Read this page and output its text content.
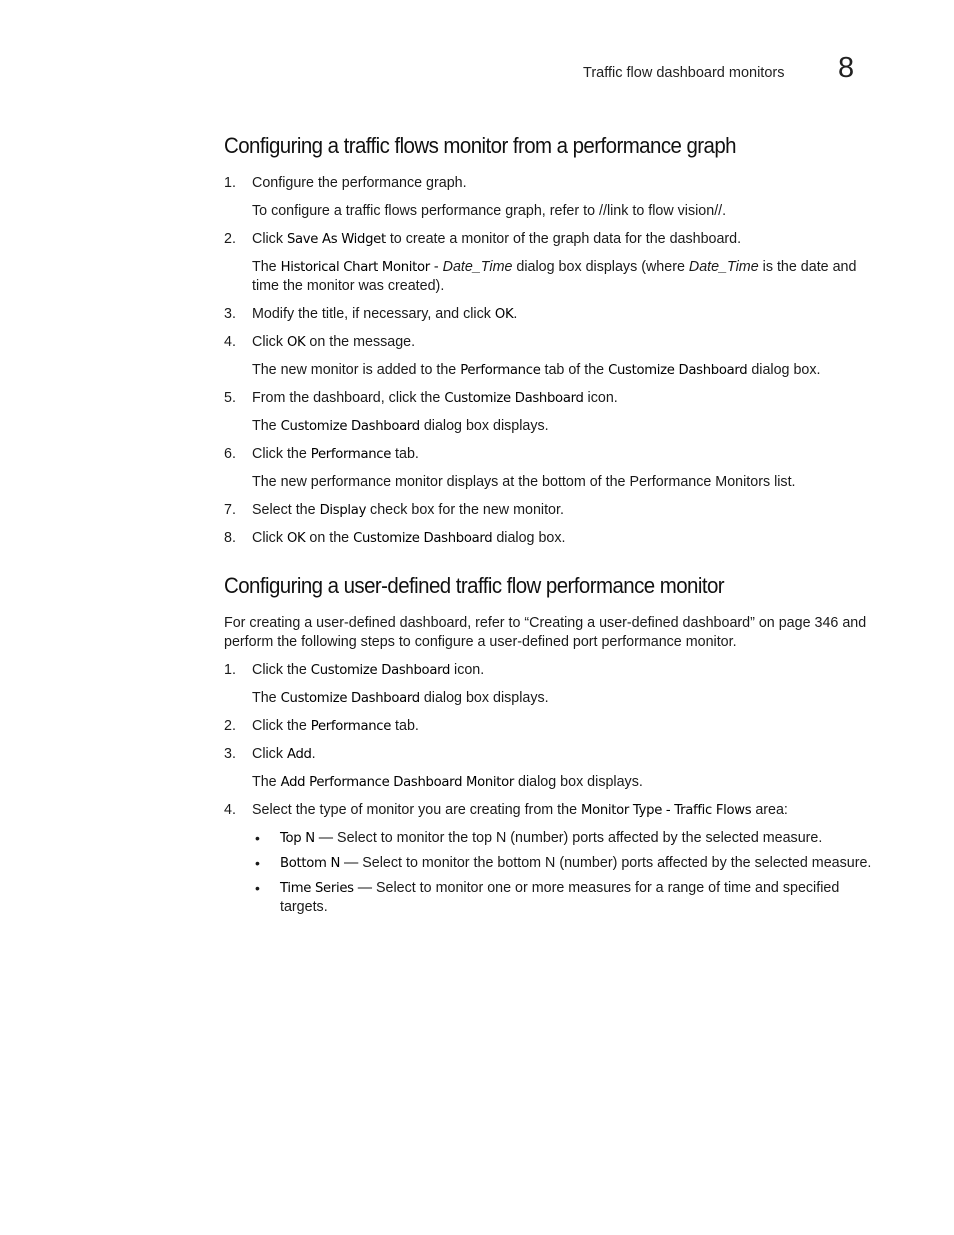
Traffic flow dashboard monitors 8
Configuring a traffic flows monitor from a performance graph
1. Configure the performance graph.
To configure a traffic flows performance graph, refer to //link to flow vision//.
2. Click Save As Widget to create a monitor of the graph data for the dashboard.
The Historical Chart Monitor - Date_Time dialog box displays (where Date_Time is the date and time the monitor was created).
3. Modify the title, if necessary, and click OK.
4. Click OK on the message.
The new monitor is added to the Performance tab of the Customize Dashboard dialog box.
5. From the dashboard, click the Customize Dashboard icon.
The Customize Dashboard dialog box displays.
6. Click the Performance tab.
The new performance monitor displays at the bottom of the Performance Monitors list.
7. Select the Display check box for the new monitor.
8. Click OK on the Customize Dashboard dialog box.
Configuring a user-defined traffic flow performance monitor
For creating a user-defined dashboard, refer to “Creating a user-defined dashboard” on page 346 and perform the following steps to configure a user-defined port performance monitor.
1. Click the Customize Dashboard icon.
The Customize Dashboard dialog box displays.
2. Click the Performance tab.
3. Click Add.
The Add Performance Dashboard Monitor dialog box displays.
4. Select the type of monitor you are creating from the Monitor Type - Traffic Flows area:
• Top N — Select to monitor the top N (number) ports affected by the selected measure.
• Bottom N — Select to monitor the bottom N (number) ports affected by the selected measure.
• Time Series — Select to monitor one or more measures for a range of time and specified targets.
